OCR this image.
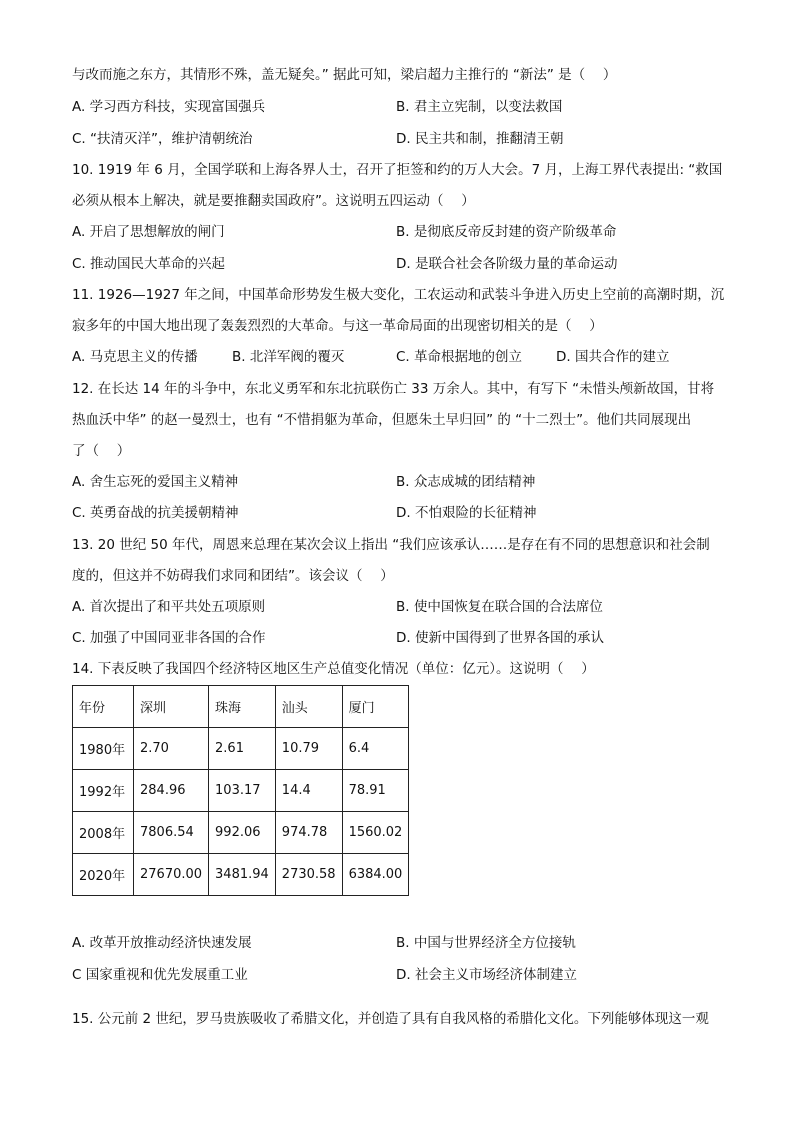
与改而施之东方，其情形不殊，盖无疑矣。” 据此可知，梁启超力主推行的 “新法” 是（　 ）
A. 学习西方科技，实现富国强兵	B. 君主立宪制，以变法救国
C. “扶清灭洋”，维护清朝统治	D. 民主共和制，推翻清王朝
10. 1919 年 6 月，全国学联和上海各界人士，召开了拒签和约的万人大会。7 月，上海工界代表提出: “救国
必须从根本上解决，就是要推翻卖国政府”。这说明五四运动（　 ）
A. 开启了思想解放的闸门	B. 是彻底反帝反封建的资产阶级革命
C. 推动国民大革命的兴起	D. 是联合社会各阶级力量的革命运动
11. 1926—1927 年之间，中国革命形势发生极大变化，工农运动和武装斗争进入历史上空前的高潮时期，沉
寂多年的中国大地出现了轰轰烈烈的大革命。与这一革命局面的出现密切相关的是（　 ）
A. 马克思主义的传播	B. 北洋军阀的覆灭	C. 革命根据地的创立	D. 国共合作的建立
12. 在长达 14 年的斗争中，东北义勇军和东北抗联伤亡 33 万余人。其中，有写下 “未惜头颅新故国，甘将
热血沃中华” 的赵一曼烈士，也有 “不惜捐躯为革命，但愿朱土早归回” 的 “十二烈士”。他们共同展现出
了（　 ）
A. 舍生忘死的爱国主义精神	B. 众志成城的团结精神
C. 英勇奋战的抗美援朝精神	D. 不怕艰险的长征精神
13. 20 世纪 50 年代，周恩来总理在某次会议上指出 “我们应该承认……是存在有不同的思想意识和社会制
度的，但这并不妨碍我们求同和团结”。该会议（　 ）
A. 首次提出了和平共处五项原则	B. 使中国恢复在联合国的合法席位
C. 加强了中国同亚非各国的合作	D. 使新中国得到了世界各国的承认
14. 下表反映了我国四个经济特区地区生产总值变化情况（单位：亿元）。这说明（　 ）
年份	深圳	珠海	汕头	厦门
1980年	2.70	2.61	10.79	6.4
1992年	284.96	103.17	14.4	78.91
2008年	7806.54	992.06	974.78	1560.02
2020年	27670.00	3481.94	2730.58	6384.00
A. 改革开放推动经济快速发展	B. 中国与世界经济全方位接轨
C 国家重视和优先发展重工业	D. 社会主义市场经济体制建立
15. 公元前 2 世纪，罗马贵族吸收了希腊文化，并创造了具有自我风格的希腊化文化。下列能够体现这一观
